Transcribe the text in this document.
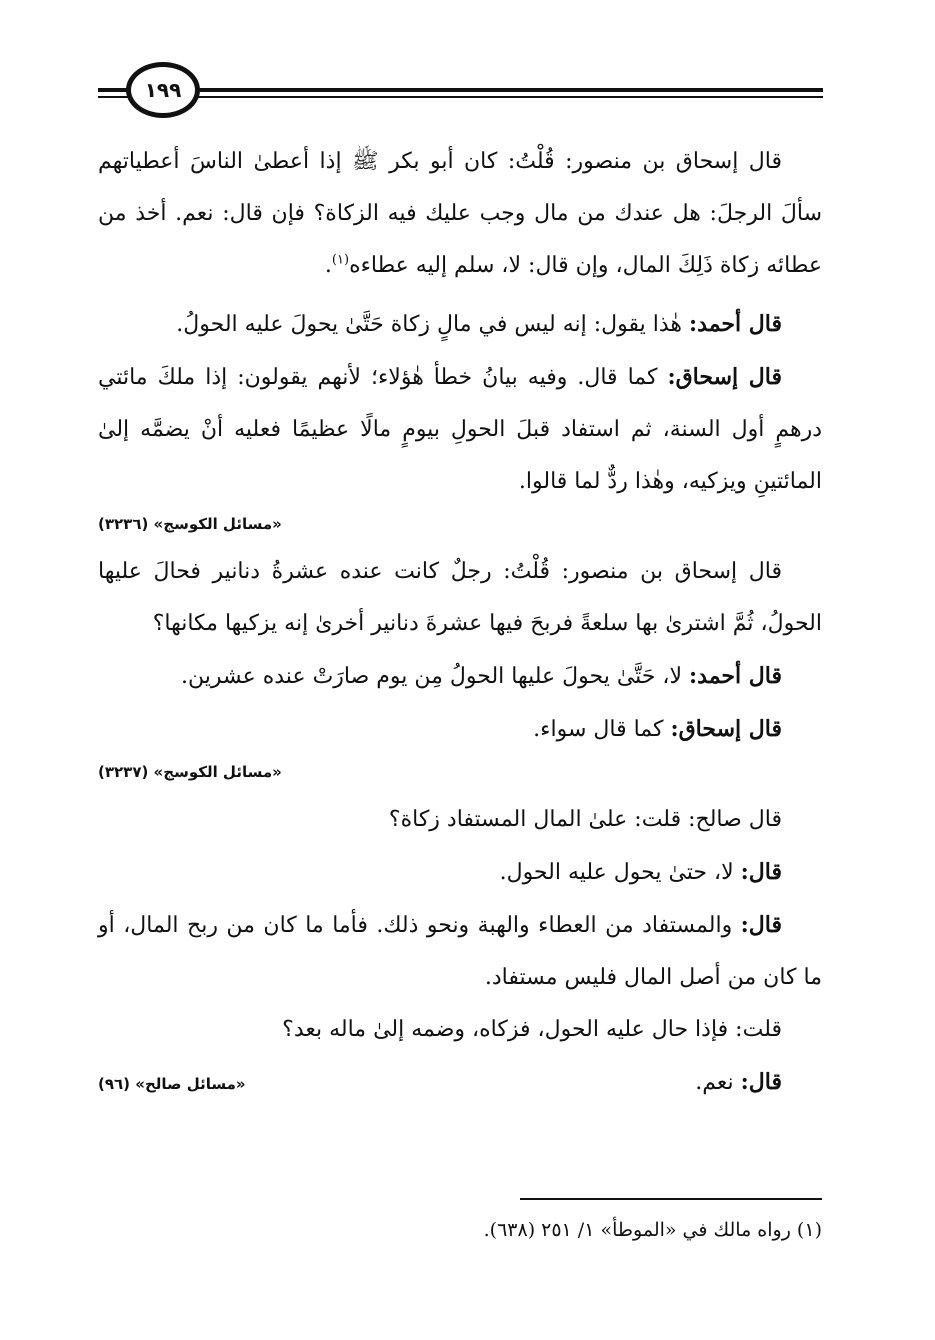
١٩٩

قال إسحاق بن منصور: قُلْتُ: كان أبو بكر ﷺ إذا أعطىٰ الناسَ أعطياتهم سألَ الرجلَ: هل عندك من مال وجب عليك فيه الزكاة؟ فإن قال: نعم. أخذ من عطائه زكاة ذَلِكَ المال، وإن قال: لا، سلم إليه عطاءه$^{(١)}$.

قال أحمد: هٰذا يقول: إنه ليس في مالٍ زكاة حَتَّىٰ يحولَ عليه الحولُ.

قال إسحاق: كما قال. وفيه بيانُ خطأ هٰؤلاء؛ لأنهم يقولون: إذا ملكَ مائتي درهمٍ أول السنة، ثم استفاد قبلَ الحولِ بيومٍ مالًا عظيمًا فعليه أنْ يضمَّه إلىٰ المائتينِ ويزكيه، وهٰذا ردٌّ لما قالوا.

«مسائل الكوسج» (٣٢٣٦)

قال إسحاق بن منصور: قُلْتُ: رجلٌ كانت عنده عشرةُ دنانير فحالَ عليها الحولُ، ثُمَّ اشترىٰ بها سلعةً فربحَ فيها عشرةَ دنانير أخرىٰ إنه يزكيها مكانها؟

قال أحمد: لا، حَتَّىٰ يحولَ عليها الحولُ مِن يوم صارَتْ عنده عشرين.

قال إسحاق: كما قال سواء.

«مسائل الكوسج» (٣٢٣٧)

قال صالح: قلت: علىٰ المال المستفاد زكاة؟

قال: لا، حتىٰ يحول عليه الحول.

قال: والمستفاد من العطاء والهبة ونحو ذلك. فأما ما كان من ربح المال، أو ما كان من أصل المال فليس مستفاد.

قلت: فإذا حال عليه الحول، فزكاه، وضمه إلىٰ ماله بعد؟

قال: نعم.
«مسائل صالح» (٩٦)
(١) رواه مالك في «الموطأ» ١/ ٢٥١ (٦٣٨).
